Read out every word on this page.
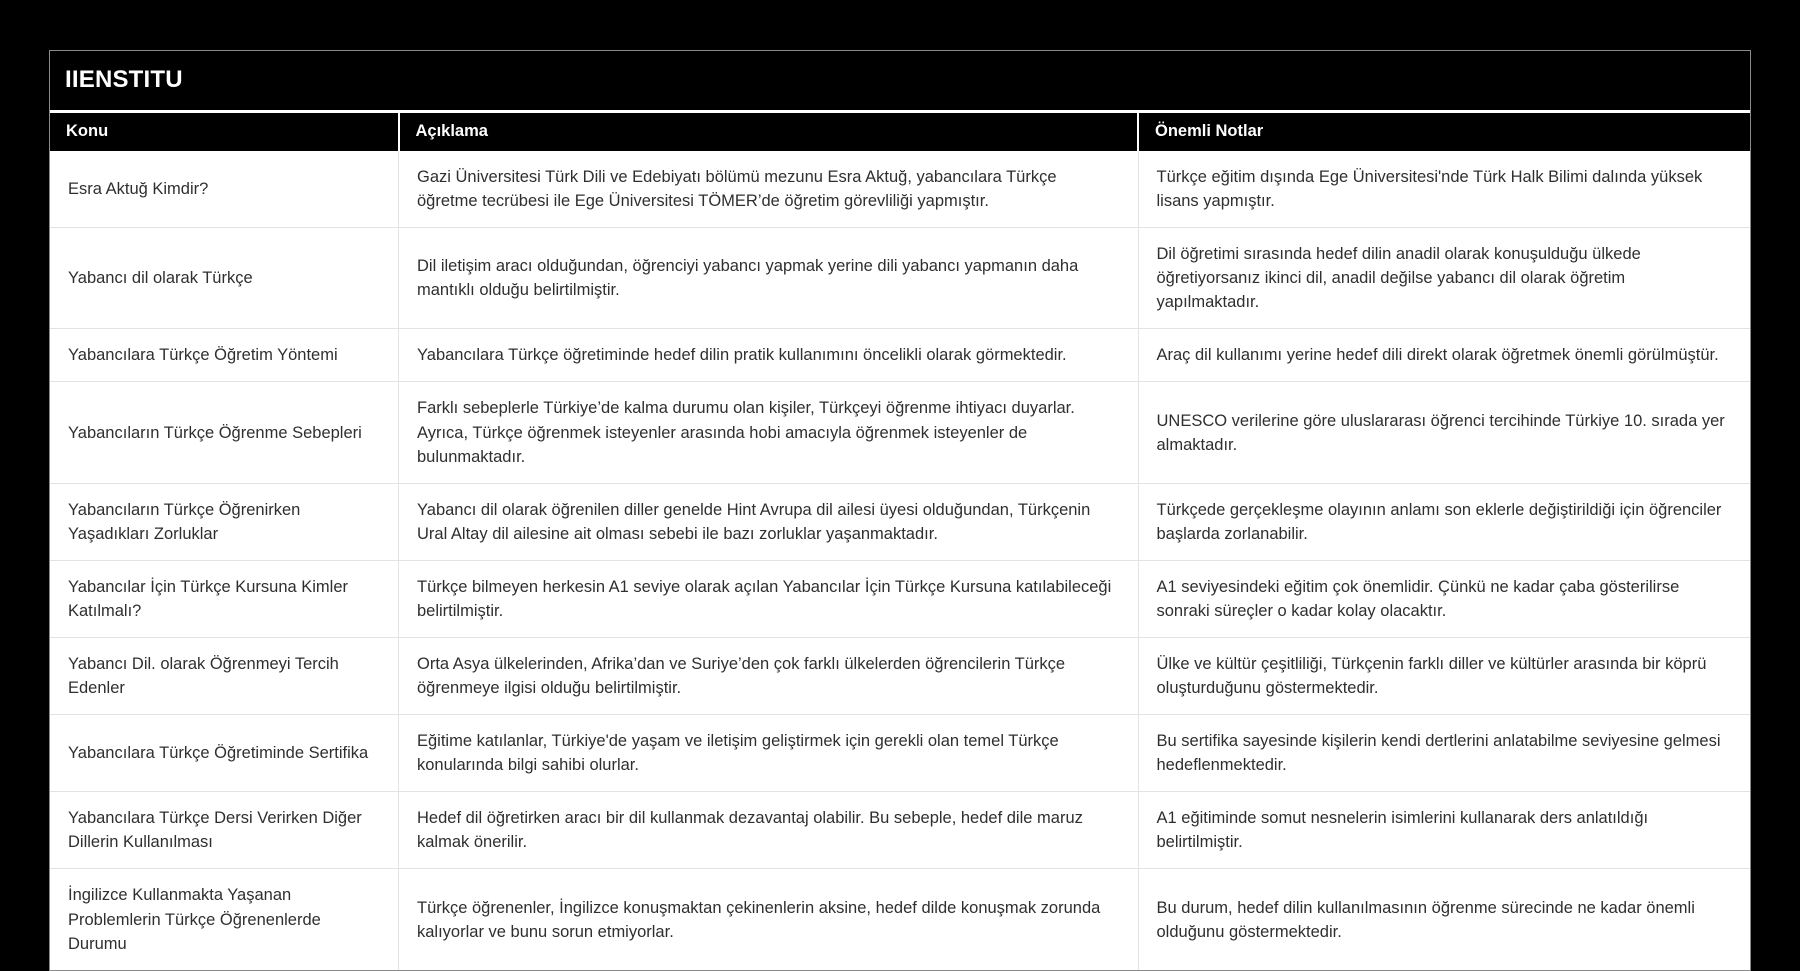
IIENSTITU
Konu	Açıklama	Önemli Notlar
Esra Aktuğ Kimdir?	Gazi Üniversitesi Türk Dili ve Edebiyatı bölümü mezunu Esra Aktuğ, yabancılara Türkçe öğretme tecrübesi ile Ege Üniversitesi TÖMER’de öğretim görevliliği yapmıştır.	Türkçe eğitim dışında Ege Üniversitesi'nde Türk Halk Bilimi dalında yüksek lisans yapmıştır.
Yabancı dil olarak Türkçe	Dil iletişim aracı olduğundan, öğrenciyi yabancı yapmak yerine dili yabancı yapmanın daha mantıklı olduğu belirtilmiştir.	Dil öğretimi sırasında hedef dilin anadil olarak konuşulduğu ülkede öğretiyorsanız ikinci dil, anadil değilse yabancı dil olarak öğretim yapılmaktadır.
Yabancılara Türkçe Öğretim Yöntemi	Yabancılara Türkçe öğretiminde hedef dilin pratik kullanımını öncelikli olarak görmektedir.	Araç dil kullanımı yerine hedef dili direkt olarak öğretmek önemli görülmüştür.
Yabancıların Türkçe Öğrenme Sebepleri	Farklı sebeplerle Türkiye’de kalma durumu olan kişiler, Türkçeyi öğrenme ihtiyacı duyarlar. Ayrıca, Türkçe öğrenmek isteyenler arasında hobi amacıyla öğrenmek isteyenler de bulunmaktadır.	UNESCO verilerine göre uluslararası öğrenci tercihinde Türkiye 10. sırada yer almaktadır.
Yabancıların Türkçe Öğrenirken Yaşadıkları Zorluklar	Yabancı dil olarak öğrenilen diller genelde Hint Avrupa dil ailesi üyesi olduğundan, Türkçenin Ural Altay dil ailesine ait olması sebebi ile bazı zorluklar yaşanmaktadır.	Türkçede gerçekleşme olayının anlamı son eklerle değiştirildiği için öğrenciler başlarda zorlanabilir.
Yabancılar İçin Türkçe Kursuna Kimler Katılmalı?	Türkçe bilmeyen herkesin A1 seviye olarak açılan Yabancılar İçin Türkçe Kursuna katılabileceği belirtilmiştir.	A1 seviyesindeki eğitim çok önemlidir. Çünkü ne kadar çaba gösterilirse sonraki süreçler o kadar kolay olacaktır.
Yabancı Dil. olarak Öğrenmeyi Tercih Edenler	Orta Asya ülkelerinden, Afrika’dan ve Suriye’den çok farklı ülkelerden öğrencilerin Türkçe öğrenmeye ilgisi olduğu belirtilmiştir.	Ülke ve kültür çeşitliliği, Türkçenin farklı diller ve kültürler arasında bir köprü oluşturduğunu göstermektedir.
Yabancılara Türkçe Öğretiminde Sertifika	Eğitime katılanlar, Türkiye'de yaşam ve iletişim geliştirmek için gerekli olan temel Türkçe konularında bilgi sahibi olurlar.	Bu sertifika sayesinde kişilerin kendi dertlerini anlatabilme seviyesine gelmesi hedeflenmektedir.
Yabancılara Türkçe Dersi Verirken Diğer Dillerin Kullanılması	Hedef dil öğretirken aracı bir dil kullanmak dezavantaj olabilir. Bu sebeple, hedef dile maruz kalmak önerilir.	A1 eğitiminde somut nesnelerin isimlerini kullanarak ders anlatıldığı belirtilmiştir.
İngilizce Kullanmakta Yaşanan Problemlerin Türkçe Öğrenenlerde Durumu	Türkçe öğrenenler, İngilizce konuşmaktan çekinenlerin aksine, hedef dilde konuşmak zorunda kalıyorlar ve bunu sorun etmiyorlar.	Bu durum, hedef dilin kullanılmasının öğrenme sürecinde ne kadar önemli olduğunu göstermektedir.
